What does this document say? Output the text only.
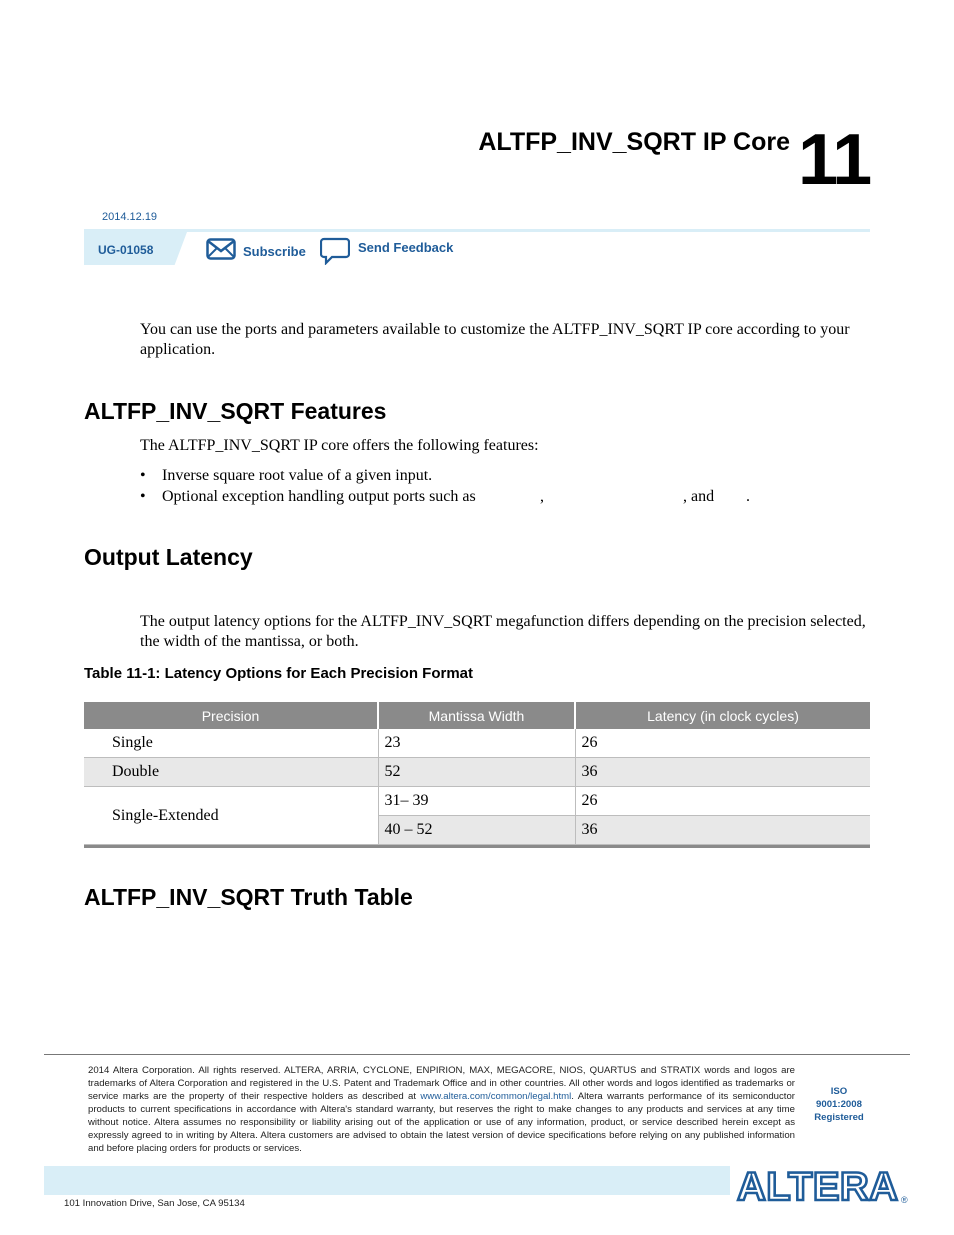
ALTFP_INV_SQRT IP Core 11
2014.12.19
UG-01058	Subscribe	Send Feedback
You can use the ports and parameters available to customize the ALTFP_INV_SQRT IP core according to your application.
ALTFP_INV_SQRT Features
The ALTFP_INV_SQRT IP core offers the following features:
• Inverse square root value of a given input.
• Optional exception handling output ports such as	,	, and .
Output Latency
The output latency options for the ALTFP_INV_SQRT megafunction differs depending on the precision selected, the width of the mantissa, or both.
Table 11-1: Latency Options for Each Precision Format
Precision	Mantissa Width	Latency (in clock cycles)
Single	23	26
Double	52	36
Single-Extended	31– 39	26
	40 – 52	36
ALTFP_INV_SQRT Truth Table
2014 Altera Corporation. All rights reserved. ALTERA, ARRIA, CYCLONE, ENPIRION, MAX, MEGACORE, NIOS, QUARTUS and STRATIX words and logos are trademarks of Altera Corporation and registered in the U.S. Patent and Trademark Office and in other countries. All other words and logos identified as trademarks or service marks are the property of their respective holders as described at www.altera.com/common/legal.html. Altera warrants performance of its semiconductor products to current specifications in accordance with Altera's standard warranty, but reserves the right to make changes to any products and services at any time without notice. Altera assumes no responsibility or liability arising out of the application or use of any information, product, or service described herein except as expressly agreed to in writing by Altera. Altera customers are advised to obtain the latest version of device specifications before relying on any published information and before placing orders for products or services.
ISO
9001:2008
Registered
ALTERA ®
101 Innovation Drive, San Jose, CA 95134
